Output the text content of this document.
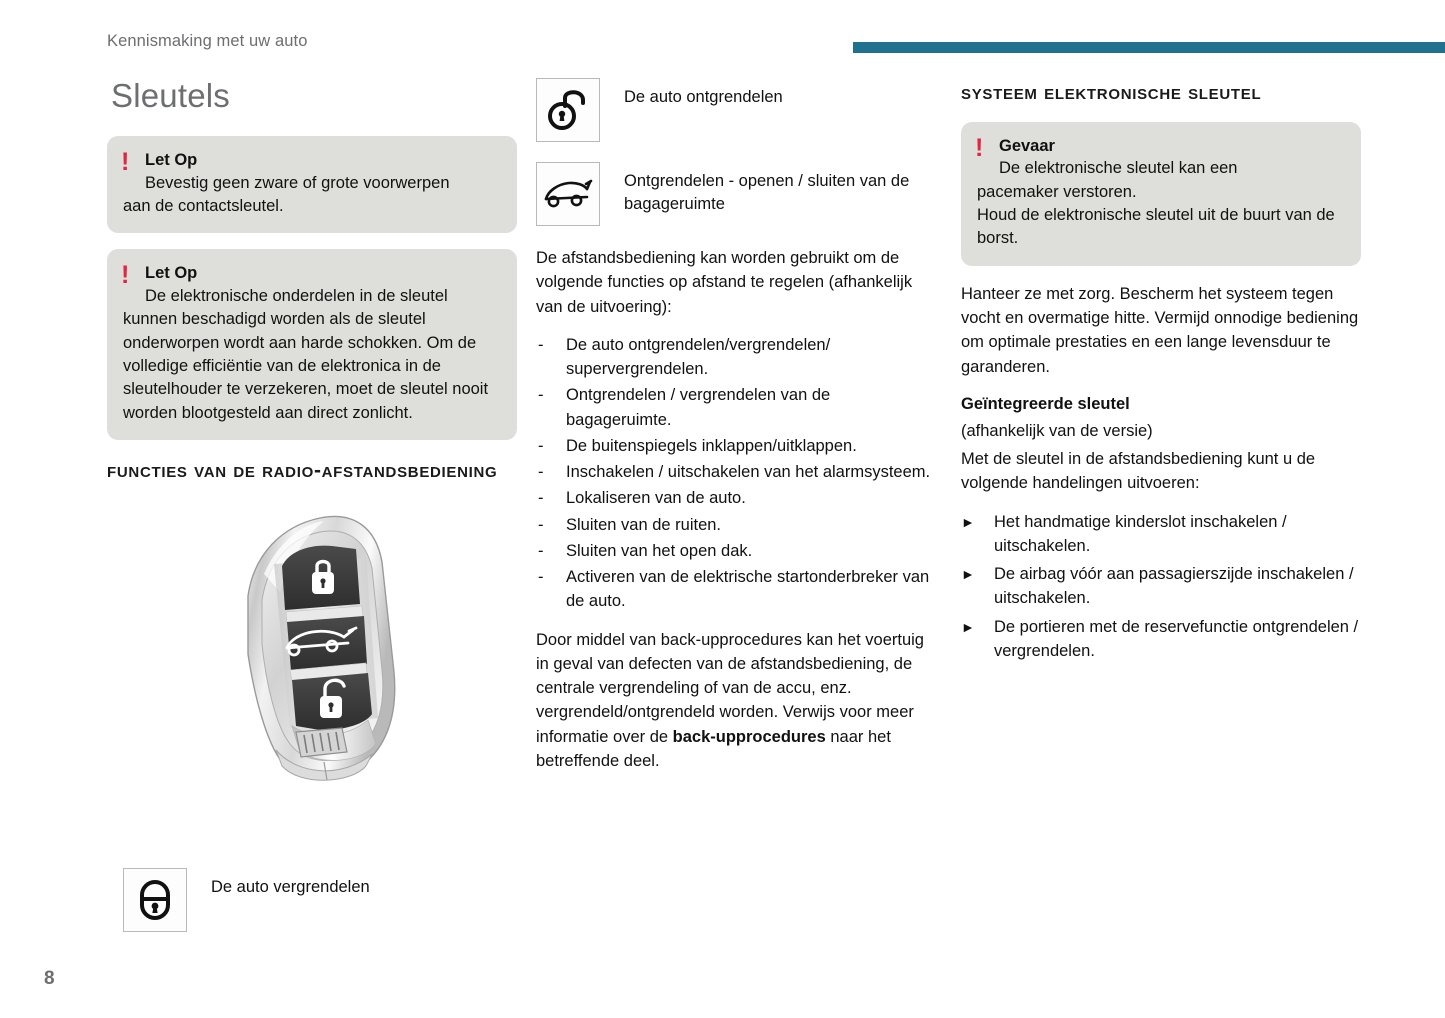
Kennismaking met uw auto
Sleutels
! Let Op
Bevestig geen zware of grote voorwerpen
aan de contactsleutel.
! Let Op
De elektronische onderdelen in de sleutel
kunnen beschadigd worden als de sleutel onderworpen wordt aan harde schokken. Om de volledige efficiëntie van de elektronica in de sleutelhouder te verzekeren, moet de sleutel nooit worden blootgesteld aan direct zonlicht.
functies van de radio-afstandsbediening
De auto vergrendelen
De auto ontgrendelen
Ontgrendelen - openen / sluiten van de bagageruimte

De afstandsbediening kan worden gebruikt om de volgende functies op afstand te regelen (afhankelijk van de uitvoering):

- De auto ontgrendelen/vergrendelen/ supervergrendelen.
- Ontgrendelen / vergrendelen van de bagageruimte.
- De buitenspiegels inklappen/uitklappen.
- Inschakelen / uitschakelen van het alarmsysteem.
- Lokaliseren van de auto.
- Sluiten van de ruiten.
- Sluiten van het open dak.
- Activeren van de elektrische startonderbreker van de auto.

Door middel van back-upprocedures kan het voertuig in geval van defecten van de afstandsbediening, de centrale vergrendeling of van de accu, enz. vergrendeld/ontgrendeld worden. Verwijs voor meer informatie over de back-upprocedures naar het betreffende deel.

systeem elektronische sleutel
! Gevaar
De elektronische sleutel kan een
pacemaker verstoren.
Houd de elektronische sleutel uit de buurt van de borst.

Hanteer ze met zorg. Bescherm het systeem tegen vocht en overmatige hitte. Vermijd onnodige bediening om optimale prestaties en een lange levensduur te garanderen.

Geïntegreerde sleutel

(afhankelijk van de versie)

Met de sleutel in de afstandsbediening kunt u de volgende handelingen uitvoeren:

► Het handmatige kinderslot inschakelen / uitschakelen.
► De airbag vóór aan passagierszijde inschakelen / uitschakelen.
► De portieren met de reservefunctie ontgrendelen / vergrendelen.
8
